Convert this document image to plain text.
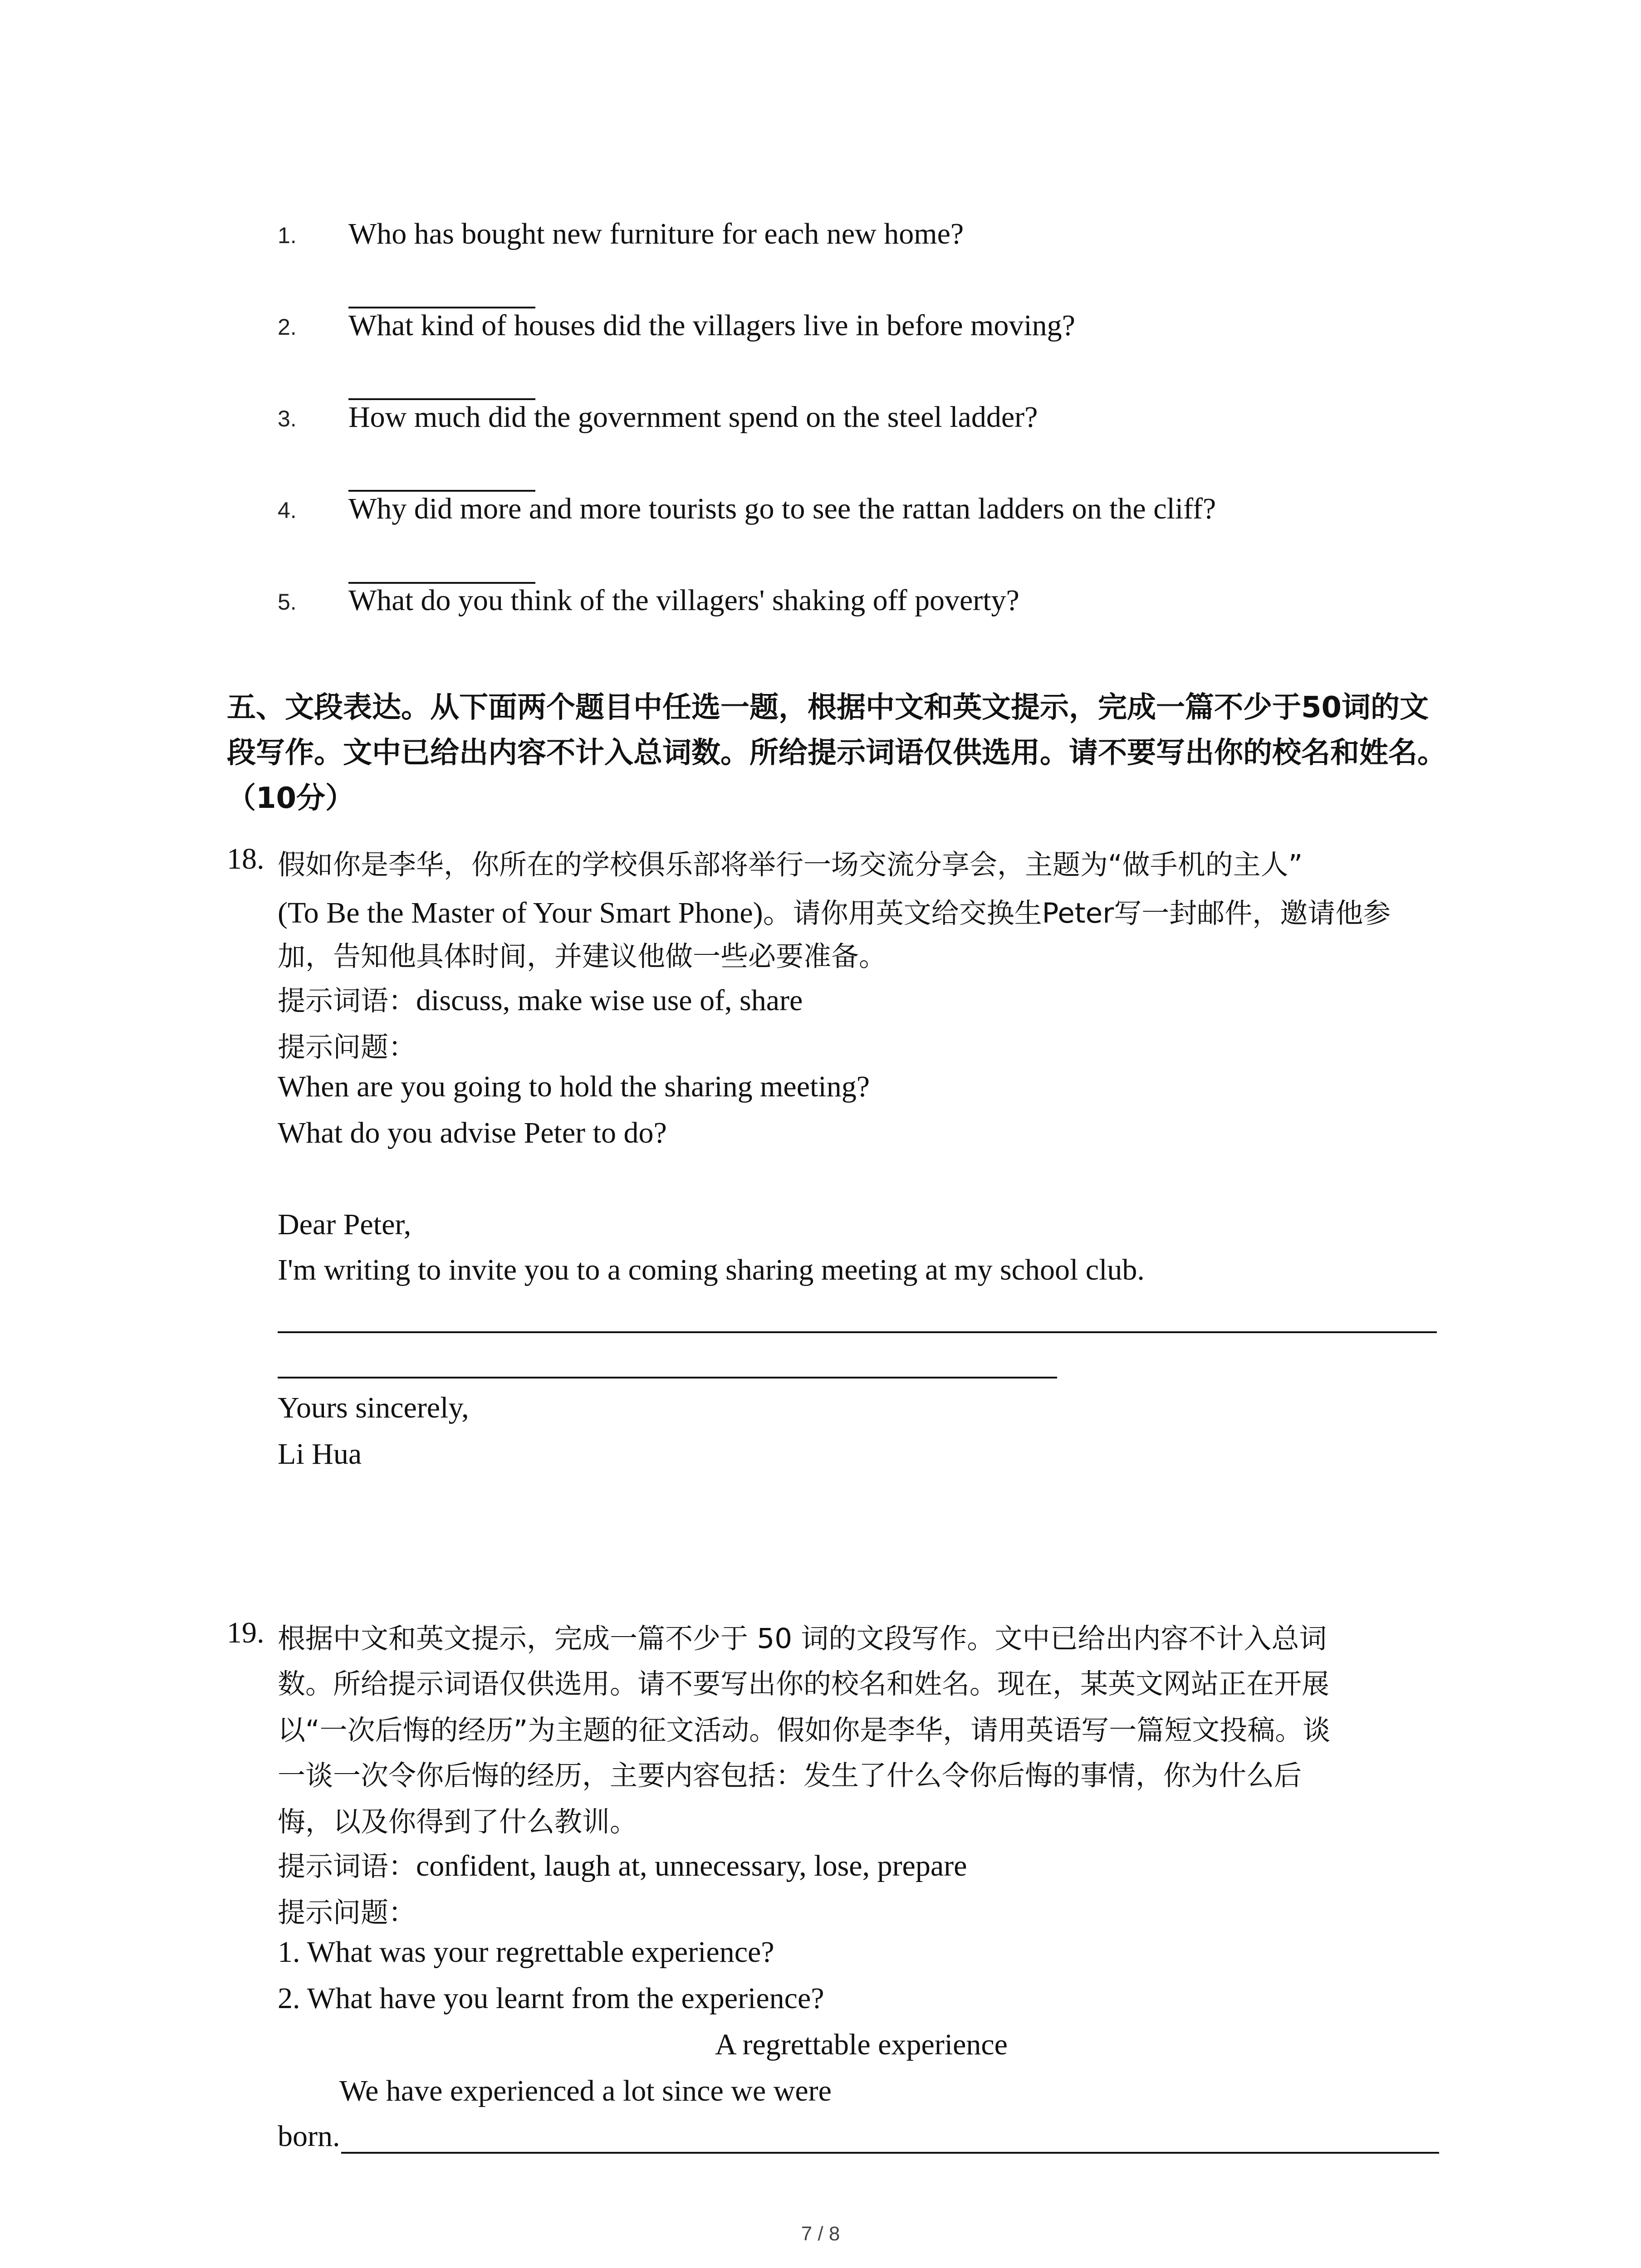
1. Who has bought new furniture for each new home?
2. What kind of houses did the villagers live in before moving?
3. How much did the government spend on the steel ladder?
4. Why did more and more tourists go to see the rattan ladders on the cliff?
5. What do you think of the villagers' shaking off poverty?
五、文段表达。从下面两个题目中任选一题，根据中文和英文提示，完成一篇不少于50词的文段写作。文中已给出内容不计入总词数。所给提示词语仅供选用。请不要写出你的校名和姓名。（10分）
18. 假如你是李华，你所在的学校俱乐部将举行一场交流分享会，主题为“做手机的主人”
(To Be the Master of Your Smart Phone)。请你用英文给交换生Peter写一封邮件，邀请他参
加，告知他具体时间，并建议他做一些必要准备。
提示词语：discuss, make wise use of, share
提示问题：
When are you going to hold the sharing meeting?
What do you advise Peter to do?
Dear Peter,
I'm writing to invite you to a coming sharing meeting at my school club.
Yours sincerely,
Li Hua
19. 根据中文和英文提示，完成一篇不少于 50 词的文段写作。文中已给出内容不计入总词
数。所给提示词语仅供选用。请不要写出你的校名和姓名。现在，某英文网站正在开展
以“一次后悔的经历”为主题的征文活动。假如你是李华，请用英语写一篇短文投稿。谈
一谈一次令你后悔的经历，主要内容包括：发生了什么令你后悔的事情，你为什么后
悔，以及你得到了什么教训。
提示词语：confident, laugh at, unnecessary, lose, prepare
提示问题：
1. What was your regrettable experience?
2. What have you learnt from the experience?
A regrettable experience
We have experienced a lot since we were
born.
7 / 8
